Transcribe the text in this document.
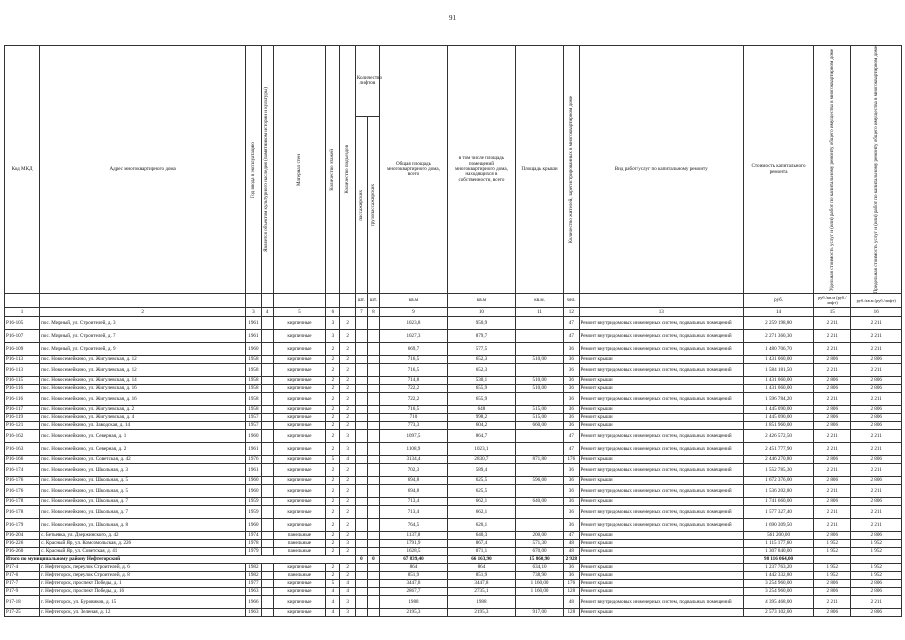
91
Код МКД	Адрес многоквартирного дома	Год ввода в эксплуатацию	Является объектом культурного наследия (памятником истории и культуры)	Материал стен	Количество этажей	Количество подъездов	Количество лифтов		Общая площадь многоквартирного дома, всего	в том числе площадь помещений многоквартирного дома, находящихся в собственности, всего	Площадь крыши	Количество жителей, зарегистрированных в многоквартирном доме	Вид работ/услуг по капитальному ремонту	Стоимость капитального ремонта	Удельная стоимость услуг и (или) работ по капитальному ремонту общего имущества в многоквартирном доме	Предельная стоимость услуг и (или) работ по капитальному ремонту общего имущества в многоквартирном доме

							пассажирских	грузопассажирских								

							шт.	шт.	кв.м	кв.м	кв.м.	чел.		руб.	руб./кв.м (руб./лифт)	руб./кв.м (руб./лифт)
1	2	3	4	5	6		7	8	9	10	11	12	13	14	15	16
P16-105	пос. Мирный, ул. Строителей, д. 3	1961		кирпичные	3	2			1023,8	950,9		47	Ремонт внутридомовых инженерных систем, подвальных помещений	2 259 198,80	2 211	2 211
P16-107	пос. Мирный, ул. Строителей, д. 7	1961		кирпичные	3	2			1027,3	879,7		47	Ремонт внутридомовых инженерных систем, подвальных помещений	2 271 360,30	2 211	2 211
P16-109	пос. Мирный, ул. Строителей, д. 9	1960		кирпичные	2	2			669,7	577,5		36	Ремонт внутридомовых инженерных систем, подвальных помещений	1 480 706,70	2 211	2 211
P16-113	пос. Новосемейкино, ул. Жигулевская, д. 12	1958		кирпичные	2	2			716,5	652,3	510,00	36	Ремонт крыши	1 431 060,00	2 806	2 806
P16-113	пос. Новосемейкино, ул. Жигулевская, д. 12	1958		кирпичные	2	2			716,5	652,3		36	Ремонт внутридомовых инженерных систем, подвальных помещений	1 584 181,50	2 211	2 211
P16-115	пос. Новосемейкино, ул. Жигулевская, д. 14	1958		кирпичные	2	2			714,8	530,1	510,00	36	Ремонт крыши	1 431 060,00	2 806	2 806
P16-116	пос. Новосемейкино, ул. Жигулевская, д. 16	1958		кирпичные	2	2			722,2	655,9	510,00	36	Ремонт крыши	1 431 060,00	2 806	2 806
P16-116	пос. Новосемейкино, ул. Жигулевская, д. 16	1958		кирпичные	2	2			722,2	655,9		36	Ремонт внутридомовых инженерных систем, подвальных помещений	1 596 784,20	2 211	2 211
P16-117	пос. Новосемейкино, ул. Жигулевская, д. 2	1958		кирпичные	2	2			716,5	648	515,00	36	Ремонт крыши	1 445 090,00	2 806	2 806
P16-119	пос. Новосемейкино, ул. Жигулевская, д. 4	1957		кирпичные	2	2			710	998,2	515,00	36	Ремонт крыши	1 445 090,00	2 806	2 806
P16-121	пос. Новосемейкино, ул. Заводская, д. 14	1957		кирпичные	2	2			773,3	604,2	660,00	36	Ремонт крыши	1 851 960,00	2 806	2 806
P16-162	пос. Новосемейкино, ул. Северная, д. 1	1960		кирпичные	2	3			1097,5	864,7		47	Ремонт внутридомовых инженерных систем, подвальных помещений	2 426 572,50	2 211	2 211
P16-163	пос. Новосемейкино, ул. Северная, д. 2	1961		кирпичные	2	3			1108,9	1023,1		47	Ремонт внутридомовых инженерных систем, подвальных помещений	2 451 777,90	2 211	2 211
P16-166	пос. Новосемейкино, ул. Советская, д. 42	1976		кирпичные	5	4			3134,4	2830,7	871,80	176	Ремонт крыши	2 446 270,80	2 806	2 806
P16-174	пос. Новосемейкино, ул. Школьная, д. 3	1961		кирпичные	2	2			702,3	589,4		36	Ремонт внутридомовых инженерных систем, подвальных помещений	1 552 785,30	2 211	2 211
P16-176	пос. Новосемейкино, ул. Школьная, д. 5	1960		кирпичные	2	2			694,8	625,5	596,00	36	Ремонт крыши	1 672 376,00	2 806	2 806
P16-176	пос. Новосемейкино, ул. Школьная, д. 5	1960		кирпичные	2	2			694,8	625,5		36	Ремонт внутридомовых инженерных систем, подвальных помещений	1 536 202,80	2 211	2 211
P16-178	пос. Новосемейкино, ул. Школьная, д. 7	1959		кирпичные	2	2			713,4	662,1	640,00	36	Ремонт крыши	1 741 660,00	2 806	2 806
P16-178	пос. Новосемейкино, ул. Школьная, д. 7	1959		кирпичные	2	2			713,4	662,1		36	Ремонт внутридомовых инженерных систем, подвальных помещений	1 577 327,40	2 211	2 211
P16-179	пос. Новосемейкино, ул. Школьная, д. 8	1960		кирпичные	2	2			764,5	620,1		36	Ремонт внутридомовых инженерных систем, подвальных помещений	1 690 309,50	2 211	2 211
P16-204	с. Бетьевка, ул. Дзержинского, д. 42	1974		панельные	2	2			1137,8	640,3	200,00	47	Ремонт крыши	561 200,00	2 806	2 806
P16-226	с. Красный Яр, ул. Комсомольская, д. 226	1978		панельные	2	3			1791,9	867,4	571,30	48	Ремонт крыши	1 115 177,60	1 952	1 952
P16-260	с. Красный Яр, ул. Советская, д. 41	1979		панельные	2	2			1628,5	871,1	670,00	48	Ремонт крыши	1 307 840,00	1 952	1 952
Итого по муниципальному району Нефтегорский							0	0	67 839,40	66 163,90	15 860,90	2 928		98 116 064,00		
P17-4	г. Нефтегорск, переулок Строителей, д. 6	1982		кирпичные	2	2			864	864	634,10	36	Ремонт крыши	1 237 763,20	1 952	1 952
P17-6	г. Нефтегорск, переулок Строителей, д. 8	1982		панельные	2	2			851,9	851,9	738,90	36	Ремонт крыши	1 442 332,80	1 952	1 952
P17-7	г. Нефтегорск, проспект Победы, д. 1	1977		кирпичные	5	4			3447,8	3447,8	1 160,00	176	Ремонт крыши	3 254 960,00	2 806	2 806
P17-9	г. Нефтегорск, проспект Победы, д. 16	1963		кирпичные	4	4			2867,7	2735,1	1 160,00	128	Ремонт крыши	3 254 960,00	2 806	2 806
P17-18	г. Нефтегорск, ул. Буровиков, д. 15	1966		кирпичные	4	3			1988	1988		48	Ремонт внутридомовых инженерных систем, подвальных помещений	4 395 468,00	2 211	2 211
P17-25	г. Нефтегорск, ул. Зеленая, д. 12	1963		кирпичные	4	3			2195,3	2195,3	917,00	128	Ремонт крыши	2 573 102,00	2 806	2 806
